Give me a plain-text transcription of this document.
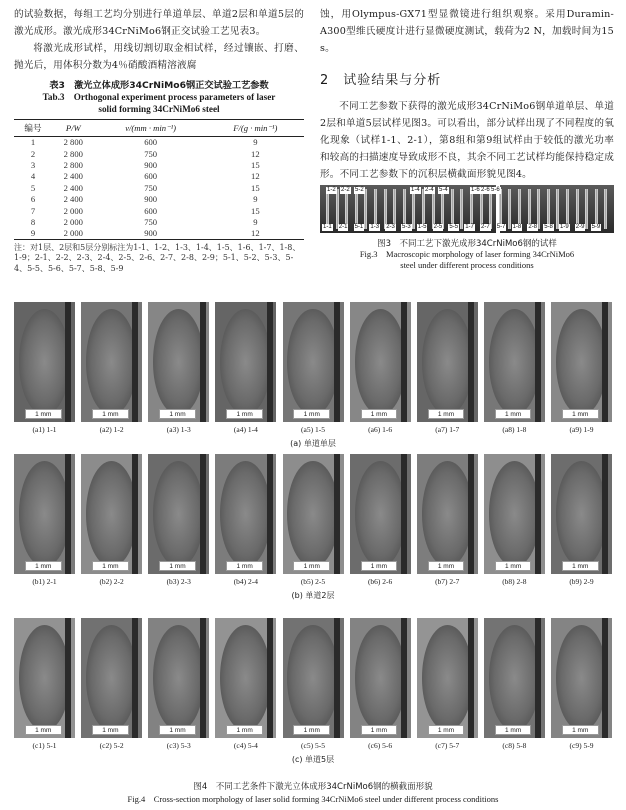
的试验数据，每组工艺均分别进行单道单层、单道2层和单道5层的激光成形。激光成形34CrNiMo6钢正交试验工艺见表3。

将激光成形试样，用线切割切取金相试样，经过镶嵌、打磨、抛光后，用体积分数为4％硝酸酒精溶液腐

表3　激光立体成形34CrNiMo6钢正交试验工艺参数
Tab.3　Orthogonal experiment process parameters of laser
solid forming 34CrNiMo6 steel
编号	P/W	v/(mm · min⁻¹)	F/(g · min⁻¹)
1	2 800	600	9
2	2 800	750	12
3	2 800	900	15
4	2 400	600	12
5	2 400	750	15
6	2 400	900	9
7	2 000	600	15
8	2 000	750	9
9	2 000	900	12
注：对1层、2层和5层分别标注为1-1、1-2、1-3、1-4、1-5、1-6、1-7、1-8、1-9；2-1、2-2、2-3、2-4、2-5、2-6、2-7、2-8、2-9；5-1、5-2、5-3、5-4、5-5、5-6、5-7、5-8、5-9

蚀，用Olympus-GX71型显微镜进行组织观察。采用Duramin-A300型维氏硬度计进行显微硬度测试，载荷为2 N，加载时间为15 s。

2　试验结果与分析

不同工艺参数下获得的激光成形34CrNiMo6钢单道单层、单道2层和单道5层试样见图3。可以看出，部分试样出现了不同程度的氧化现象（试样1-1、2-1），第8组和第9组试样由于较低的激光功率和较高的扫描速度导致成形不良，其余不同工艺试样均能保持稳定成形。不同工艺参数下的沉积层横截面形貌见图4。

1-2 2-2 5-2	1-4 2-4 5-4	1-6 2-6 5-6
1-1 2-1 5-1 1-3 2-3 5-3 1-5 2-5 5-5 1-7 2-7 5-7 1-8 2-8 5-8 1-9 2-9 5-9
图3　不同工艺下激光成形34CrNiMo6钢的试样
Fig.3　Macroscopic morphology of laser forming 34CrNiMo6
steel under different process conditions
1 mm
(a1) 1-1
1 mm
(a2) 1-2
1 mm
(a3) 1-3
1 mm
(a4) 1-4
1 mm
(a5) 1-5
1 mm
(a6) 1-6
1 mm
(a7) 1-7
1 mm
(a8) 1-8
1 mm
(a9) 1-9
(a) 单道单层
1 mm
(b1) 2-1
1 mm
(b2) 2-2
1 mm
(b3) 2-3
1 mm
(b4) 2-4
1 mm
(b5) 2-5
1 mm
(b6) 2-6
1 mm
(b7) 2-7
1 mm
(b8) 2-8
1 mm
(b9) 2-9
(b) 单道2层
1 mm
(c1) 5-1
1 mm
(c2) 5-2
1 mm
(c3) 5-3
1 mm
(c4) 5-4
1 mm
(c5) 5-5
1 mm
(c6) 5-6
1 mm
(c7) 5-7
1 mm
(c8) 5-8
1 mm
(c9) 5-9
(c) 单道5层
图4　不同工艺条件下激光立体成形34CrNiMo6钢的横截面形貌
Fig.4　Cross-section morphology of laser solid forming 34CrNiMo6 steel under different process conditions
